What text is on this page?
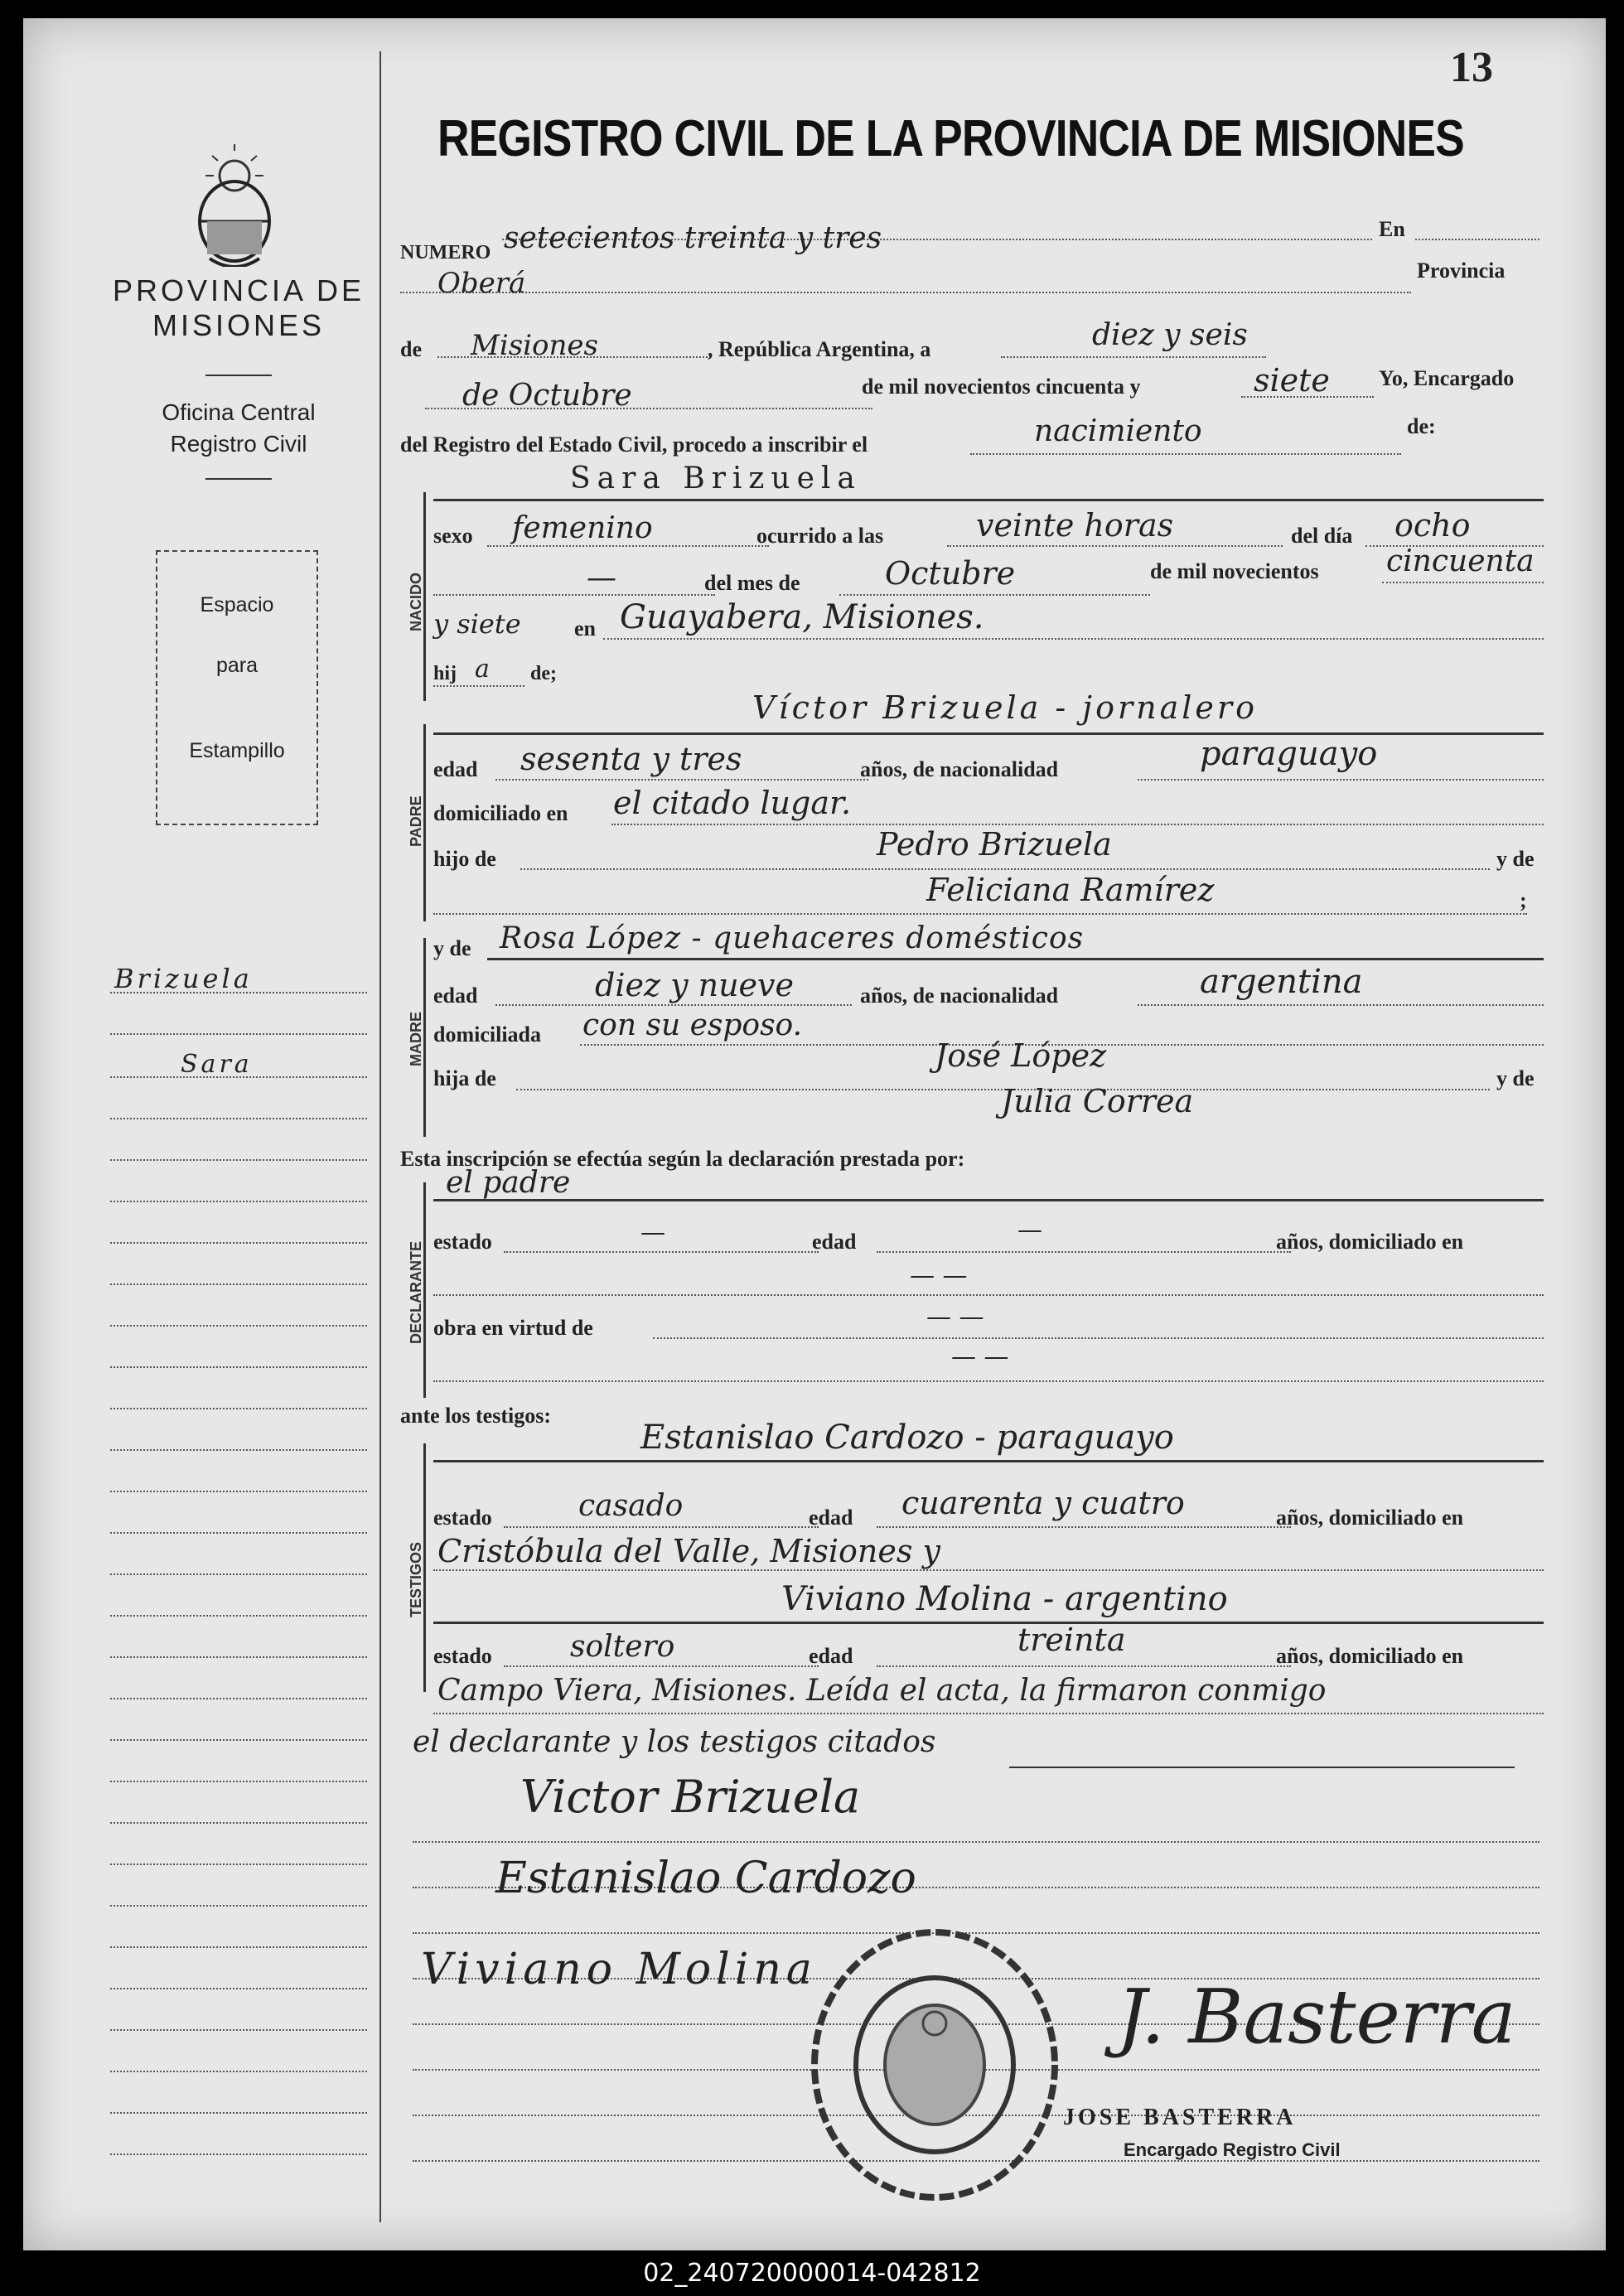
13
REGISTRO CIVIL DE LA PROVINCIA DE MISIONES
PROVINCIA DE
MISIONES
Oficina Central
Registro Civil
Espacio
para
Estampillo
Brizuela
Sara
NUMERO setecientos treinta y tres	En
Oberá	Provincia
de Misiones	, República Argentina, a	diez y seis
de Octubre	de mil novecientos cincuenta y	siete Yo, Encargado
del Registro del Estado Civil, procedo a inscribir el	nacimiento	de:
NACIDO
Sara Brizuela
sexo femenino	ocurrido a las	veinte horas	del día ocho
—	del mes de	Octubre	de mil novecientos cincuenta
y siete en Guayabera, Misiones.
hij a de;
PADRE
Víctor Brizuela - jornalero
edad sesenta y tres	años, de nacionalidad	paraguayo
domiciliado en el citado lugar.
hijo de	Pedro Brizuela	y de
Feliciana Ramírez	;
MADRE
y de Rosa López - quehaceres domésticos
edad	diez y nueve	años, de nacionalidad	argentina
domiciliada con su esposo.
hija de
José López
y de
Julia Correa
Esta inscripción se efectúa según la declaración prestada por:
DECLARANTE
el padre
estado	—	edad	—	años, domiciliado en
— —
obra en virtud de	— —
— —
ante los testigos:
TESTIGOS
Estanislao Cardozo - paraguayo
estado	casado	edad cuarenta y cuatro	años, domiciliado en
Cristóbula del Valle, Misiones y
Viviano Molina - argentino
estado	soltero	edad	treinta	años, domiciliado en
Campo Viera, Misiones. Leída el acta, la firmaron conmigo
el declarante y los testigos citados
Victor Brizuela
Estanislao Cardozo
Viviano Molina
J. Basterra
JOSE BASTERRA
Encargado Registro Civil
02_240720000014-042812
